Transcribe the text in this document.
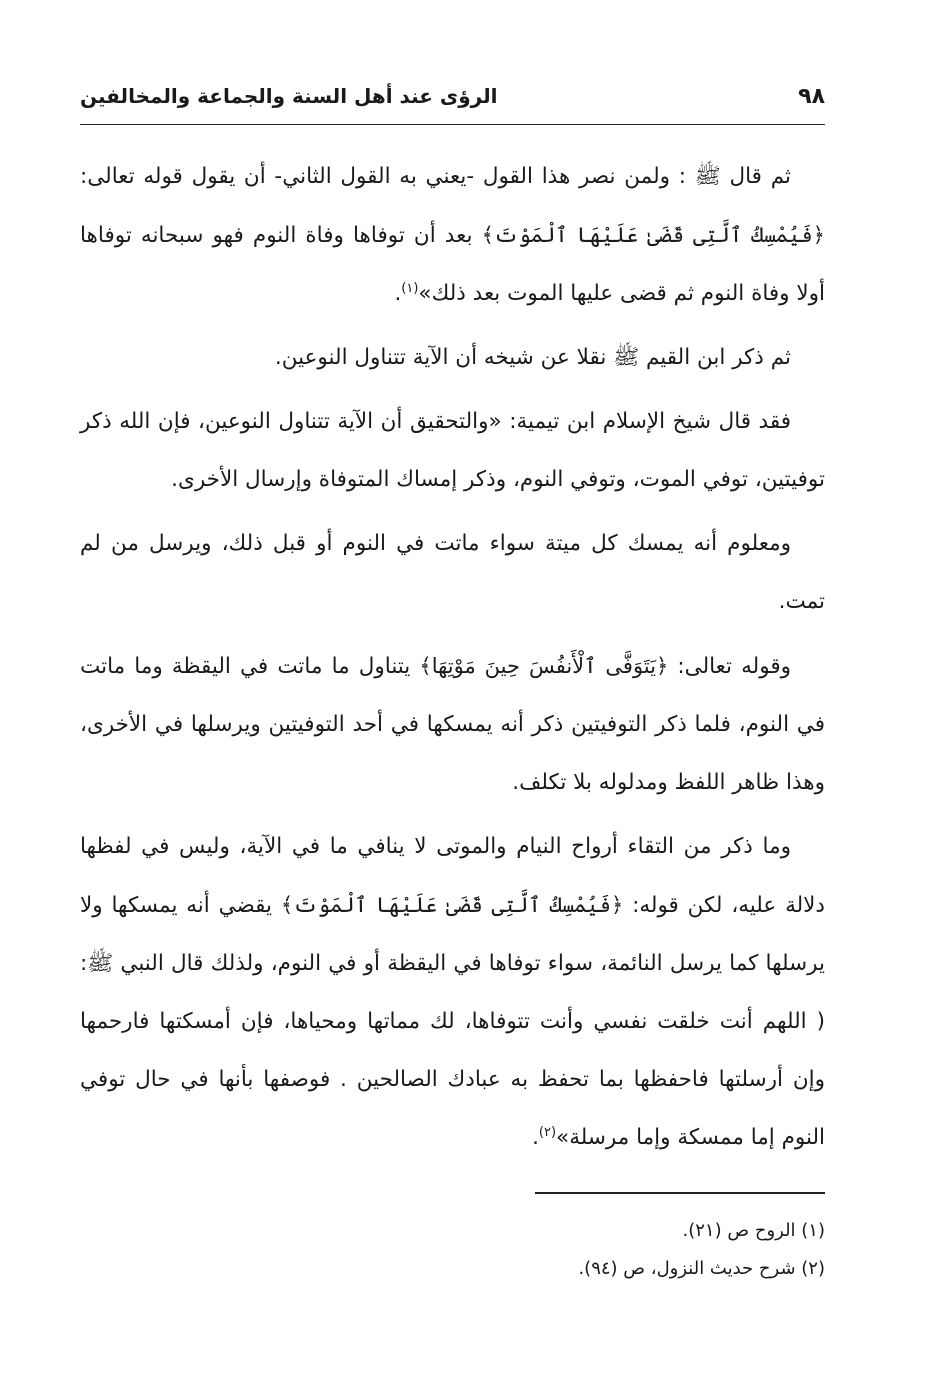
٩٨
الرؤى عند أهل السنة والجماعة والمخالفين

ثم قال ﷺ : ولمن نصر هذا القول -يعني به القول الثاني- أن يقول قوله تعالى: ﴿فَيُمْسِكُ ٱلَّتِى قَضَىٰ عَلَيْهَا ٱلْمَوْتَ﴾ بعد أن توفاها وفاة النوم فهو سبحانه توفاها أولا وفاة النوم ثم قضى عليها الموت بعد ذلك»$^{(١)}$.

ثم ذكر ابن القيم ﷺ نقلا عن شيخه أن الآية تتناول النوعين.

فقد قال شيخ الإسلام ابن تيمية: «والتحقيق أن الآية تتناول النوعين، فإن الله ذكر توفيتين، توفي الموت، وتوفي النوم، وذكر إمساك المتوفاة وإرسال الأخرى.

ومعلوم أنه يمسك كل ميتة سواء ماتت في النوم أو قبل ذلك، ويرسل من لم تمت.

وقوله تعالى: ﴿يَتَوَفَّى ٱلْأَنفُسَ حِينَ مَوْتِهَا﴾ يتناول ما ماتت في اليقظة وما ماتت في النوم، فلما ذكر التوفيتين ذكر أنه يمسكها في أحد التوفيتين ويرسلها في الأخرى، وهذا ظاهر اللفظ ومدلوله بلا تكلف.

وما ذكر من التقاء أرواح النيام والموتى لا ينافي ما في الآية، وليس في لفظها دلالة عليه، لكن قوله: ﴿فَيُمْسِكُ ٱلَّتِى قَضَىٰ عَلَيْهَا ٱلْمَوْتَ﴾ يقضي أنه يمسكها ولا يرسلها كما يرسل النائمة، سواء توفاها في اليقظة أو في النوم، ولذلك قال النبي ﷺ: ( اللهم أنت خلقت نفسي وأنت تتوفاها، لك مماتها ومحياها، فإن أمسكتها فارحمها وإن أرسلتها فاحفظها بما تحفظ به عبادك الصالحين . فوصفها بأنها في حال توفي النوم إما ممسكة وإما مرسلة»$^{(٢)}$.

(١) الروح ص (٢١).

(٢) شرح حديث النزول، ص (٩٤).
